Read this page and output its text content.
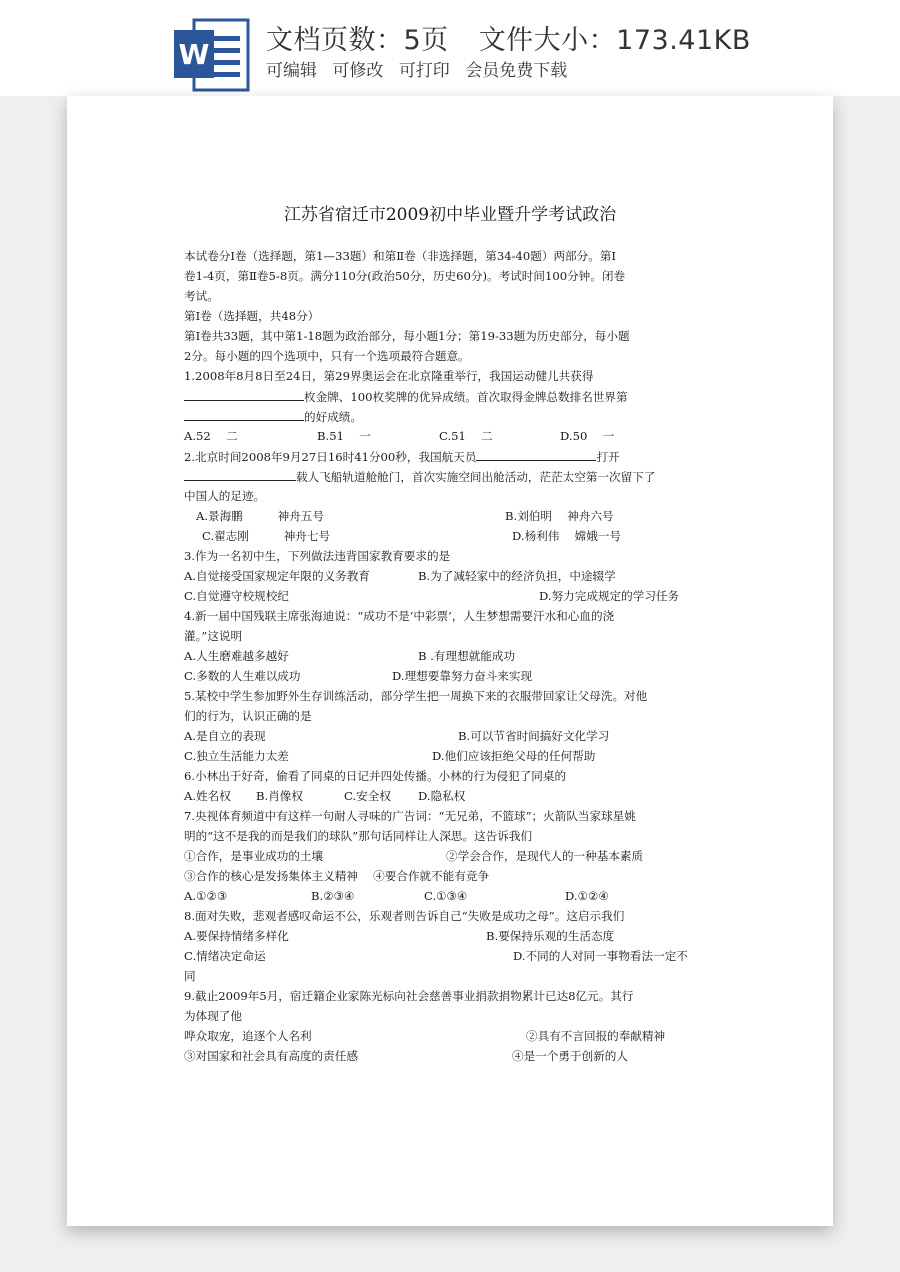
W 文档页数：5页 文件大小：173.41KB
可编辑 可修改 可打印 会员免费下载
江苏省宿迁市2009初中毕业暨升学考试政治
本试卷分Ⅰ卷（选择题，第1—33题）和第Ⅱ卷（非选择题，第34-40题）两部分。第Ⅰ
卷1-4页，第Ⅱ卷5-8页。满分110分(政治50分，历史60分)。考试时间100分钟。闭卷
考试。
第Ⅰ卷（选择题，共48分）
第Ⅰ卷共33题，其中第1-18题为政治部分，每小题1分；第19-33题为历史部分，每小题
2分。每小题的四个选项中，只有一个选项最符合题意。
1.2008年8月8日至24日，第29界奥运会在北京隆重举行，我国运动健儿共获得
枚金牌、100枚奖牌的优异成绩。首次取得金牌总数排名世界第
的好成绩。
A.52　 二	B.51　 一	C.51　 二	D.50　 一
2.北京时间2008年9月27日16时41分00秒，我国航天员	打开
载人飞船轨道舱舱门，首次实施空间出舱活动，茫茫太空第一次留下了
中国人的足迹。
A.景海鹏　　　神舟五号	B.刘伯明　 神舟六号
C.翟志刚　　　神舟七号	D.杨利伟　 嫦娥一号
3.作为一名初中生，下列做法违背国家教育要求的是
A.自觉接受国家规定年限的义务教育	B.为了减轻家中的经济负担，中途辍学
C.自觉遵守校规校纪	D.努力完成规定的学习任务
4.新一届中国残联主席张海迪说：“成功不是‘中彩票’，人生梦想需要汗水和心血的浇
灌。”这说明
A.人生磨难越多越好	B .有理想就能成功
C.多数的人生难以成功	D.理想要靠努力奋斗来实现
5.某校中学生参加野外生存训练活动，部分学生把一周换下来的衣服带回家让父母洗。对他
们的行为，认识正确的是
A.是自立的表现	B.可以节省时间搞好文化学习
C.独立生活能力太差	D.他们应该拒绝父母的任何帮助
6.小林出于好奇，偷看了同桌的日记并四处传播。小林的行为侵犯了同桌的
A.姓名权 B.肖像权	C.安全权 D.隐私权
7.央视体育频道中有这样一句耐人寻味的广告词：“无兄弟，不篮球”；火箭队当家球星姚
明的“这不是我的而是我们的球队”那句话同样让人深思。这告诉我们
①合作，是事业成功的土壤	②学会合作，是现代人的一种基本素质
③合作的核心是发扬集体主义精神　 ④要合作就不能有竞争
A.①②③	B.②③④	C.①③④	D.①②④
8.面对失败，悲观者感叹命运不公，乐观者则告诉自己“失败是成功之母”。这启示我们
A.要保持情绪多样化	B.要保持乐观的生活态度
C.情绪决定命运	D.不同的人对同一事物看法一定不
同
9.截止2009年5月，宿迁籍企业家陈光标向社会慈善事业捐款捐物累计已达8亿元。其行
为体现了他
哗众取宠，追逐个人名利	②具有不言回报的奉献精神
③对国家和社会具有高度的责任感	④是一个勇于创新的人
